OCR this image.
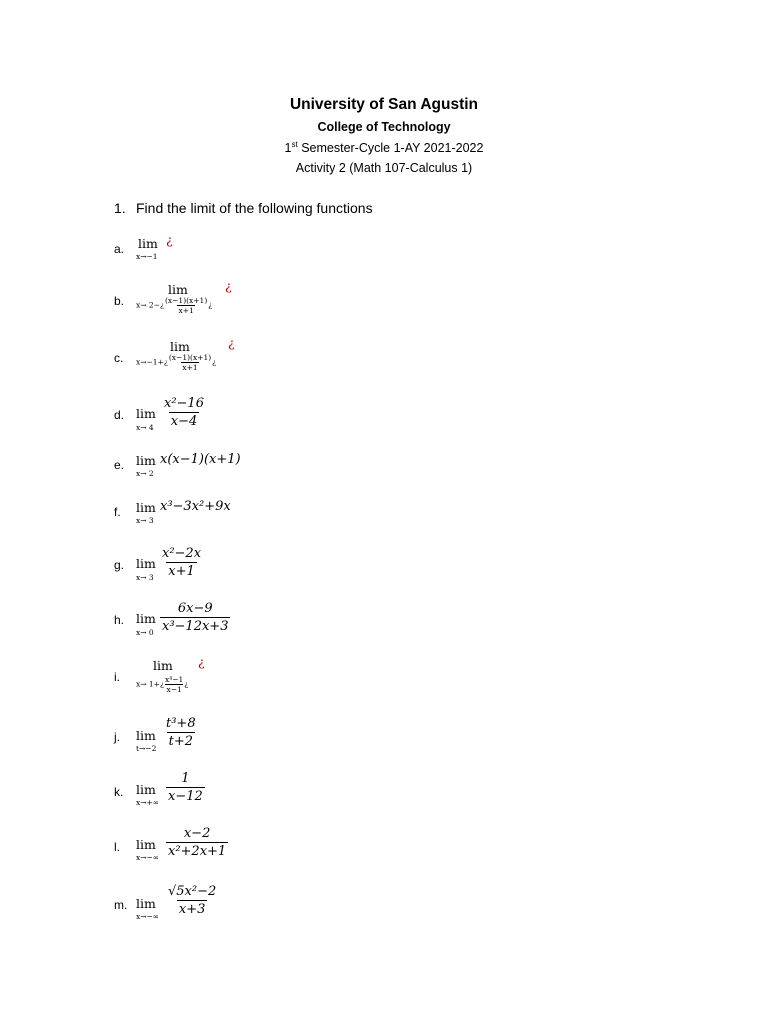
University of San Agustin
College of Technology
1st Semester-Cycle 1-AY 2021-2022
Activity 2 (Math 107-Calculus 1)
1. Find the limit of the following functions
a. lim ¿
x→−1
b.
lim	¿
x→ 2−¿ $\frac{(x-1)(x+1)}{x+1}$ ¿
c.
lim	¿
x→−1+¿ $\frac{(x-1)(x+1)}{x+1}$ ¿
d. lim
$x\to 4 \frac{\text{x²−16}}{x-4}$
e. lim
x→ 2
x(x−1)(x+1)
f. lim
x→ 3
x³−3x²+9x
g. lim
$x\to 3 \frac{\text{x²−2x}}{x+1}$
h. lim
$x\to 0 \frac{6x-9}{\text{x³−12x+3}}$
i.
lim ¿
x→ 1+¿ $\frac{\text{x⁴−1}}{x-1}$ ¿
j. lim
$t\to-2 \frac{\text{t³+8}}{t+2}$
k. lim
$x\to+\infty \frac{1}{x-12}$
l. lim
$x\to-\infty \frac{x-2}{\text{x²+2x+1}}$
m. lim
$x\to-\infty \frac{\text{√5x²−2}}{x+3}$
